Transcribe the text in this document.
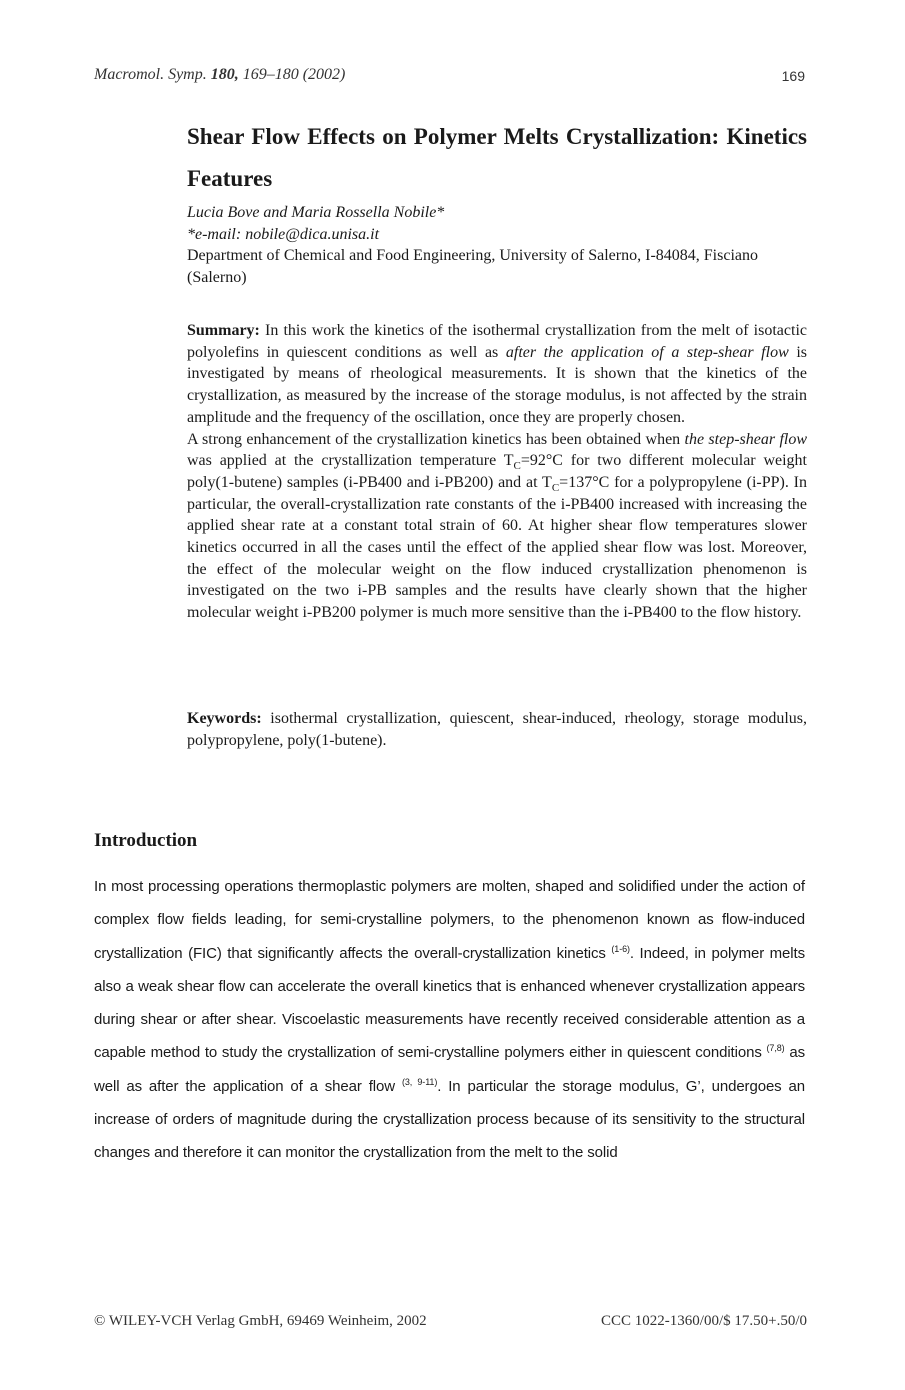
Macromol. Symp. 180, 169–180 (2002)	169
Shear Flow Effects on Polymer Melts Crystallization: Kinetics Features
Lucia Bove and Maria Rossella Nobile*
*e-mail: nobile@dica.unisa.it
Department of Chemical and Food Engineering, University of Salerno, I-84084, Fisciano (Salerno)

Summary: In this work the kinetics of the isothermal crystallization from the melt of isotactic polyolefins in quiescent conditions as well as after the application of a step-shear flow is investigated by means of rheological measurements. It is shown that the kinetics of the crystallization, as measured by the increase of the storage modulus, is not affected by the strain amplitude and the frequency of the oscillation, once they are properly chosen.

A strong enhancement of the crystallization kinetics has been obtained when the step-shear flow was applied at the crystallization temperature $T_C=92^\circ C$ for two different molecular weight poly(1-butene) samples (i-PB400 and i-PB200) and at $T_C=137^\circ C$ for a polypropylene (i-PP). In particular, the overall-crystallization rate constants of the i-PB400 increased with increasing the applied shear rate at a constant total strain of 60. At higher shear flow temperatures slower kinetics occurred in all the cases until the effect of the applied shear flow was lost. Moreover, the effect of the molecular weight on the flow induced crystallization phenomenon is investigated on the two i-PB samples and the results have clearly shown that the higher molecular weight i-PB200 polymer is much more sensitive than the i-PB400 to the flow history.

Keywords: isothermal crystallization, quiescent, shear-induced, rheology, storage modulus, polypropylene, poly(1-butene).

Introduction

In most processing operations thermoplastic polymers are molten, shaped and solidified under the action of complex flow fields leading, for semi-crystalline polymers, to the phenomenon known as flow-induced crystallization (FIC) that significantly affects the overall-crystallization kinetics $^{(1-6)}$. Indeed, in polymer melts also a weak shear flow can accelerate the overall kinetics that is enhanced whenever crystallization appears during shear or after shear. Viscoelastic measurements have recently received considerable attention as a capable method to study the crystallization of semi-crystalline polymers either in quiescent conditions $^{(7,8)}$ as well as after the application of a shear flow $^{(3, 9-11)}$. In particular the storage modulus, G’, undergoes an increase of orders of magnitude during the crystallization process because of its sensitivity to the structural changes and therefore it can monitor the crystallization from the melt to the solid

© WILEY-VCH Verlag GmbH, 69469 Weinheim, 2002	CCC 1022-1360/00/$ 17.50+.50/0
